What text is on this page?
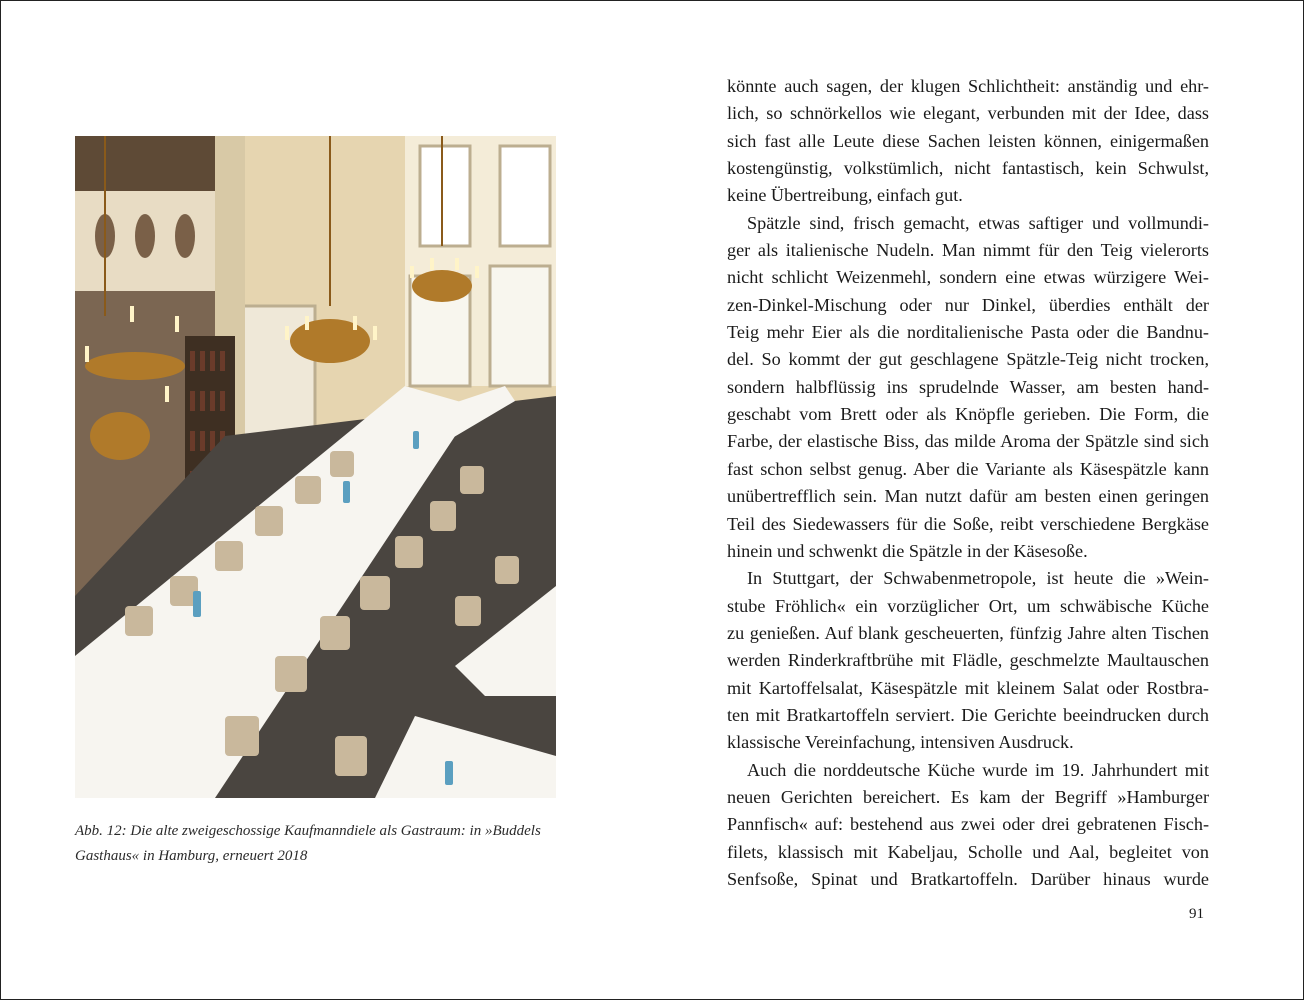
Abb. 12: Die alte zweigeschossige Kaufmanndiele als Gastraum: in »Buddels
Gasthaus« in Hamburg, erneuert 2018
könnte auch sagen, der klugen Schlichtheit: anständig und ehr-
lich, so schnörkellos wie elegant, verbunden mit der Idee, dass
sich fast alle Leute diese Sachen leisten können, einigermaßen
kostengünstig, volkstümlich, nicht fantastisch, kein Schwulst,
keine Übertreibung, einfach gut.
Spätzle sind, frisch gemacht, etwas saftiger und vollmundi-
ger als italienische Nudeln. Man nimmt für den Teig vielerorts
nicht schlicht Weizenmehl, sondern eine etwas würzigere Wei-
zen-Dinkel-Mischung oder nur Dinkel, überdies enthält der
Teig mehr Eier als die norditalienische Pasta oder die Bandnu-
del. So kommt der gut geschlagene Spätzle-Teig nicht trocken,
sondern halbflüssig ins sprudelnde Wasser, am besten hand-
geschabt vom Brett oder als Knöpfle gerieben. Die Form, die
Farbe, der elastische Biss, das milde Aroma der Spätzle sind sich
fast schon selbst genug. Aber die Variante als Käsespätzle kann
unübertrefflich sein. Man nutzt dafür am besten einen geringen
Teil des Siedewassers für die Soße, reibt verschiedene Bergkäse
hinein und schwenkt die Spätzle in der Käsesoße.
In Stuttgart, der Schwabenmetropole, ist heute die »Wein-
stube Fröhlich« ein vorzüglicher Ort, um schwäbische Küche
zu genießen. Auf blank gescheuerten, fünfzig Jahre alten Tischen
werden Rinderkraftbrühe mit Flädle, geschmelzte Maultauschen
mit Kartoffelsalat, Käsespätzle mit kleinem Salat oder Rostbra-
ten mit Bratkartoffeln serviert. Die Gerichte beeindrucken durch
klassische Vereinfachung, intensiven Ausdruck.
Auch die norddeutsche Küche wurde im 19. Jahrhundert mit
neuen Gerichten bereichert. Es kam der Begriff »Hamburger
Pannfisch« auf: bestehend aus zwei oder drei gebratenen Fisch-
filets, klassisch mit Kabeljau, Scholle und Aal, begleitet von
Senfsoße, Spinat und Bratkartoffeln. Darüber hinaus wurde
91
